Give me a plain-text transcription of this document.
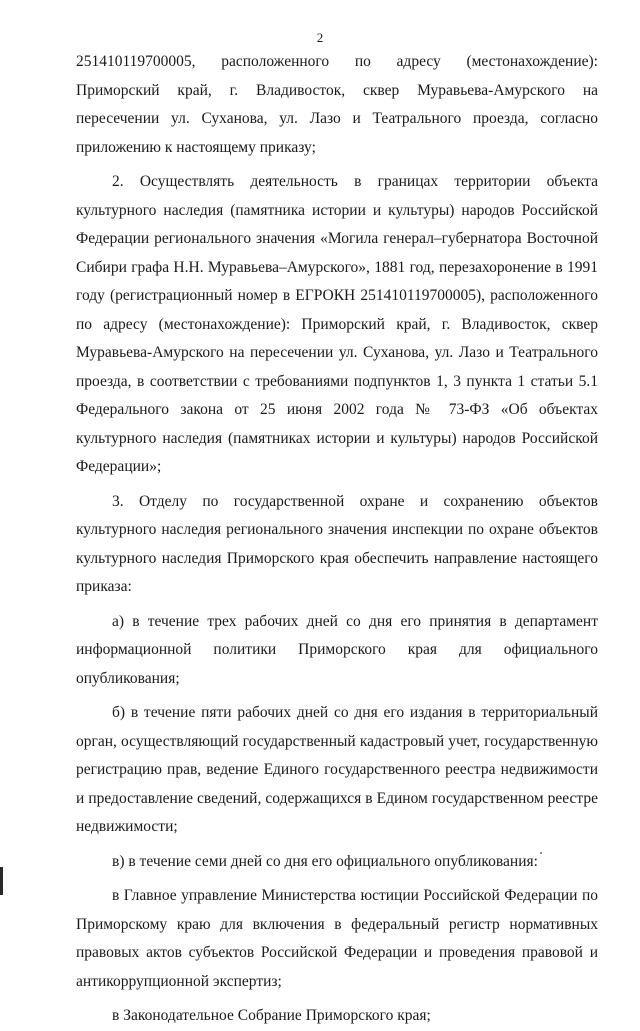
2

251410119700005, расположенного по адресу (местонахождение): Приморский край, г. Владивосток, сквер Муравьева-Амурского на пересечении ул. Суханова, ул. Лазо и Театрального проезда, согласно приложению к настоящему приказу;

2. Осуществлять деятельность в границах территории объекта культурного наследия (памятника истории и культуры) народов Российской Федерации регионального значения «Могила генерал–губернатора Восточной Сибири графа Н.Н. Муравьева–Амурского», 1881 год, перезахоронение в 1991 году (регистрационный номер в ЕГРОКН 251410119700005), расположенного по адресу (местонахождение): Приморский край, г. Владивосток, сквер Муравьева-Амурского на пересечении ул. Суханова, ул. Лазо и Театрального проезда, в соответствии с требованиями подпунктов 1, 3 пункта 1 статьи 5.1 Федерального закона от 25 июня 2002 года № 73-ФЗ «Об объектах культурного наследия (памятниках истории и культуры) народов Российской Федерации»;

3. Отделу по государственной охране и сохранению объектов культурного наследия регионального значения инспекции по охране объектов культурного наследия Приморского края обеспечить направление настоящего приказа:

а) в течение трех рабочих дней со дня его принятия в департамент информационной политики Приморского края для официального опубликования;

б) в течение пяти рабочих дней со дня его издания в территориальный орган, осуществляющий государственный кадастровый учет, государственную регистрацию прав, ведение Единого государственного реестра недвижимости и предоставление сведений, содержащихся в Едином государственном реестре недвижимости;

в) в течение семи дней со дня его официального опубликования:

в Главное управление Министерства юстиции Российской Федерации по Приморскому краю для включения в федеральный регистр нормативных правовых актов субъектов Российской Федерации и проведения правовой и антикоррупционной экспертиз;

в Законодательное Собрание Приморского края;
